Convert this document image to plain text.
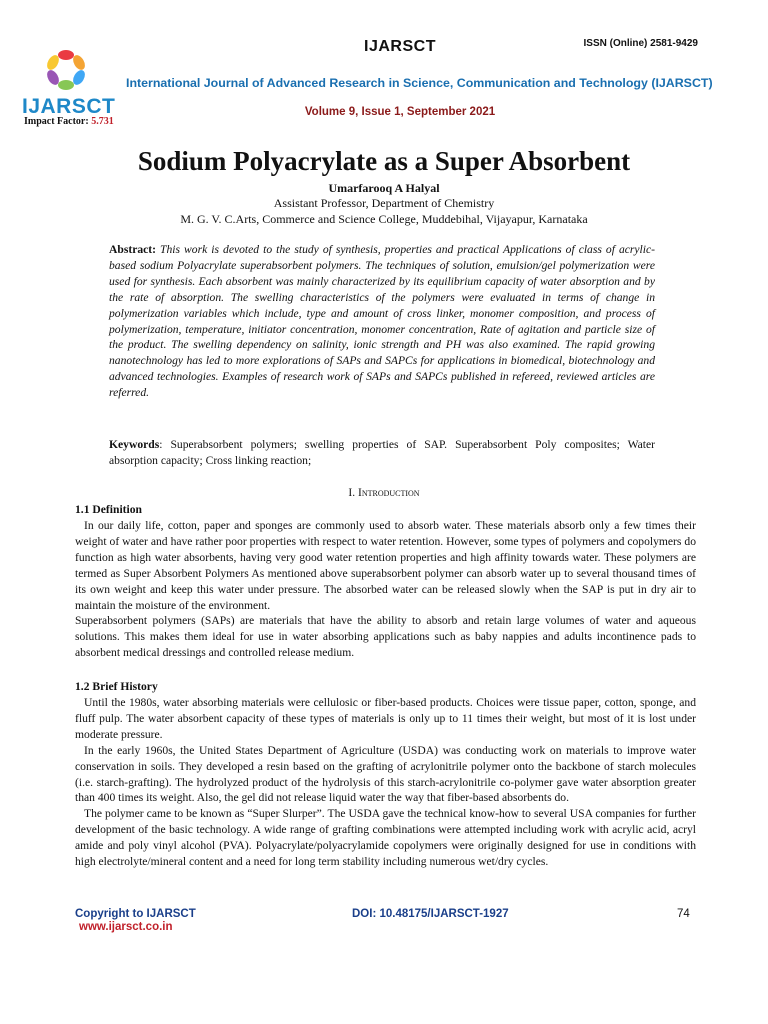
IJARSCT
Impact Factor: 5.731
IJARSCT	ISSN (Online) 2581-9429
International Journal of Advanced Research in Science, Communication and Technology (IJARSCT)
Volume 9, Issue 1, September 2021
Sodium Polyacrylate as a Super Absorbent
Umarfarooq A Halyal
Assistant Professor, Department of Chemistry
M. G. V. C.Arts, Commerce and Science College, Muddebihal, Vijayapur, Karnataka
Abstract: This work is devoted to the study of synthesis, properties and practical Applications of class of acrylic-based sodium Polyacrylate superabsorbent polymers. The techniques of solution, emulsion/gel polymerization were used for synthesis. Each absorbent was mainly characterized by its equilibrium capacity of water absorption and by the rate of absorption. The swelling characteristics of the polymers were evaluated in terms of change in polymerization variables which include, type and amount of cross linker, monomer composition, and process of polymerization, temperature, initiator concentration, monomer concentration, Rate of agitation and particle size of the product. The swelling dependency on salinity, ionic strength and PH was also examined. The rapid growing nanotechnology has led to more explorations of SAPs and SAPCs for applications in biomedical, biotechnology and advanced technologies. Examples of research work of SAPs and SAPCs published in refereed, reviewed articles are referred.
Keywords: Superabsorbent polymers; swelling properties of SAP. Superabsorbent Poly composites; Water absorption capacity; Cross linking reaction;
I. Introduction
1.1 Definition

In our daily life, cotton, paper and sponges are commonly used to absorb water. These materials absorb only a few times their weight of water and have rather poor properties with respect to water retention. However, some types of polymers and copolymers do function as high water absorbents, having very good water retention properties and high affinity towards water. These polymers are termed as Super Absorbent Polymers As mentioned above superabsorbent polymer can absorb water up to several thousand times of its own weight and keep this water under pressure. The absorbed water can be released slowly when the SAP is put in dry air to maintain the moisture of the environment.

Superabsorbent polymers (SAPs) are materials that have the ability to absorb and retain large volumes of water and aqueous solutions. This makes them ideal for use in water absorbing applications such as baby nappies and adults incontinence pads to absorbent medical dressings and controlled release medium.

1.2 Brief History

Until the 1980s, water absorbing materials were cellulosic or fiber-based products. Choices were tissue paper, cotton, sponge, and fluff pulp. The water absorbent capacity of these types of materials is only up to 11 times their weight, but most of it is lost under moderate pressure.

In the early 1960s, the United States Department of Agriculture (USDA) was conducting work on materials to improve water conservation in soils. They developed a resin based on the grafting of acrylonitrile polymer onto the backbone of starch molecules (i.e. starch-grafting). The hydrolyzed product of the hydrolysis of this starch-acrylonitrile co-polymer gave water absorption greater than 400 times its weight. Also, the gel did not release liquid water the way that fiber-based absorbents do.

The polymer came to be known as “Super Slurper”. The USDA gave the technical know-how to several USA companies for further development of the basic technology. A wide range of grafting combinations were attempted including work with acrylic acid, acryl amide and poly vinyl alcohol (PVA). Polyacrylate/polyacrylamide copolymers were originally designed for use in conditions with high electrolyte/mineral content and a need for long term stability including numerous wet/dry cycles.

Copyright to IJARSCT
www.ijarsct.co.in
DOI: 10.48175/IJARSCT-1927	74
